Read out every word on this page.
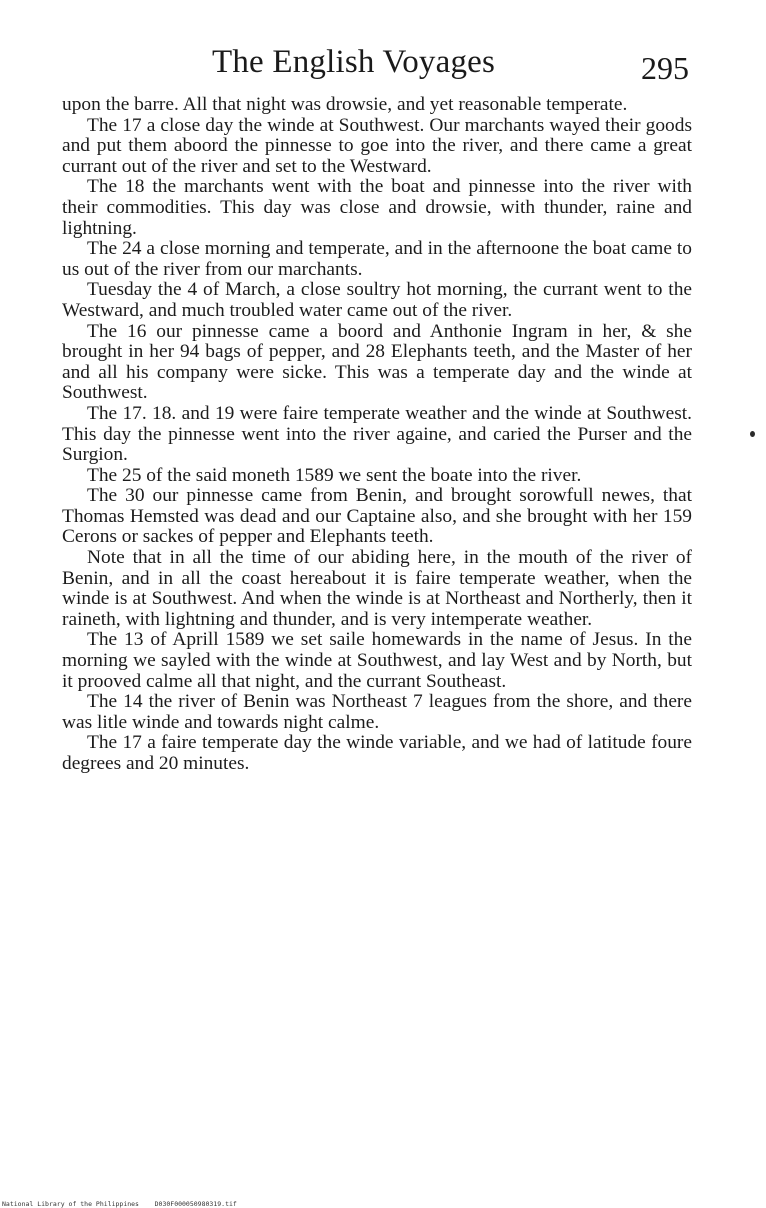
The English Voyages	295

upon the barre. All that night was drowsie, and yet reasonable temperate.

The 17 a close day the winde at Southwest. Our marchants wayed their goods and put them aboord the pinnesse to goe into the river, and there came a great currant out of the river and set to the Westward.

The 18 the marchants went with the boat and pinnesse into the river with their commodities. This day was close and drowsie, with thunder, raine and lightning.

The 24 a close morning and temperate, and in the afternoone the boat came to us out of the river from our marchants.

Tuesday the 4 of March, a close soultry hot morning, the currant went to the Westward, and much troubled water came out of the river.

The 16 our pinnesse came a boord and Anthonie Ingram in her, & she brought in her 94 bags of pepper, and 28 Elephants teeth, and the Master of her and all his company were sicke. This was a temperate day and the winde at Southwest.

The 17. 18. and 19 were faire temperate weather and the winde at Southwest. This day the pinnesse went into the river againe, and caried the Purser and the Surgion.

The 25 of the said moneth 1589 we sent the boate into the river.

The 30 our pinnesse came from Benin, and brought sorowfull newes, that Thomas Hemsted was dead and our Captaine also, and she brought with her 159 Cerons or sackes of pepper and Elephants teeth.

Note that in all the time of our abiding here, in the mouth of the river of Benin, and in all the coast hereabout it is faire temperate weather, when the winde is at Southwest. And when the winde is at Northeast and Northerly, then it raineth, with lightning and thunder, and is very intemperate weather.

The 13 of Aprill 1589 we set saile homewards in the name of Jesus. In the morning we sayled with the winde at Southwest, and lay West and by North, but it prooved calme all that night, and the currant Southeast.

The 14 the river of Benin was Northeast 7 leagues from the shore, and there was litle winde and towards night calme.

The 17 a faire temperate day the winde variable, and we had of latitude foure degrees and 20 minutes.

National Library of the Philippines D030F000050980319.tif
